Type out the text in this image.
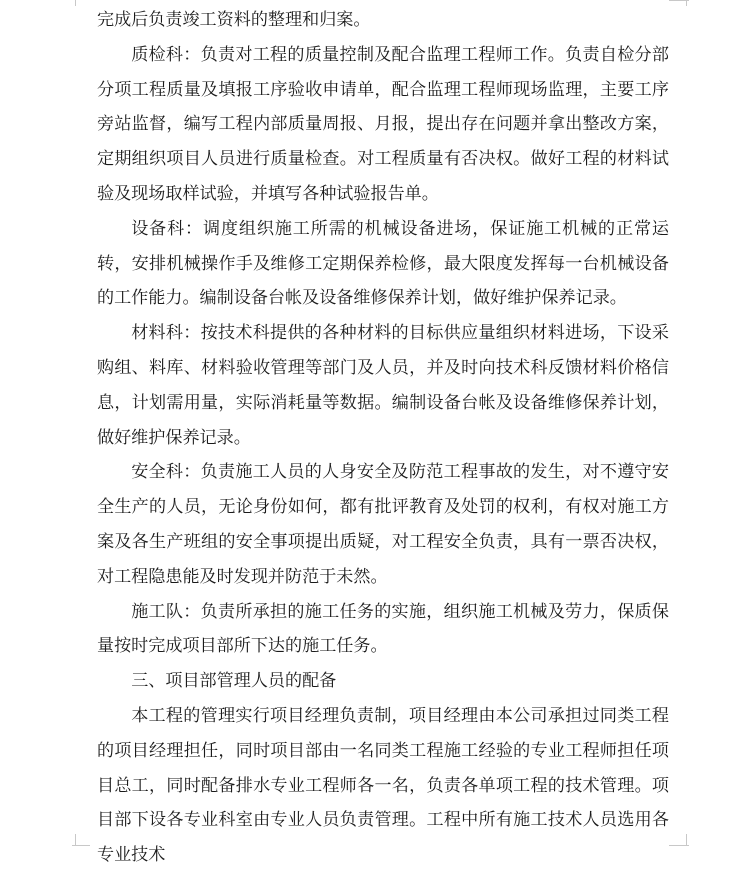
完成后负责竣工资料的整理和归案。

质检科：负责对工程的质量控制及配合监理工程师工作。负责自检分部分项工程质量及填报工序验收申请单，配合监理工程师现场监理，主要工序旁站监督，编写工程内部质量周报、月报，提出存在问题并拿出整改方案，定期组织项目人员进行质量检查。对工程质量有否决权。做好工程的材料试验及现场取样试验，并填写各种试验报告单。

设备科：调度组织施工所需的机械设备进场，保证施工机械的正常运转，安排机械操作手及维修工定期保养检修，最大限度发挥每一台机械设备的工作能力。编制设备台帐及设备维修保养计划，做好维护保养记录。

材料科：按技术科提供的各种材料的目标供应量组织材料进场，下设采购组、料库、材料验收管理等部门及人员，并及时向技术科反馈材料价格信息，计划需用量，实际消耗量等数据。编制设备台帐及设备维修保养计划，做好维护保养记录。

安全科：负责施工人员的人身安全及防范工程事故的发生，对不遵守安全生产的人员，无论身份如何，都有批评教育及处罚的权利，有权对施工方案及各生产班组的安全事项提出质疑，对工程安全负责，具有一票否决权，对工程隐患能及时发现并防范于未然。

施工队：负责所承担的施工任务的实施，组织施工机械及劳力，保质保量按时完成项目部所下达的施工任务。

三、项目部管理人员的配备

本工程的管理实行项目经理负责制，项目经理由本公司承担过同类工程的项目经理担任，同时项目部由一名同类工程施工经验的专业工程师担任项目总工，同时配备排水专业工程师各一名，负责各单项工程的技术管理。项目部下设各专业科室由专业人员负责管理。工程中所有施工技术人员选用各专业技术
